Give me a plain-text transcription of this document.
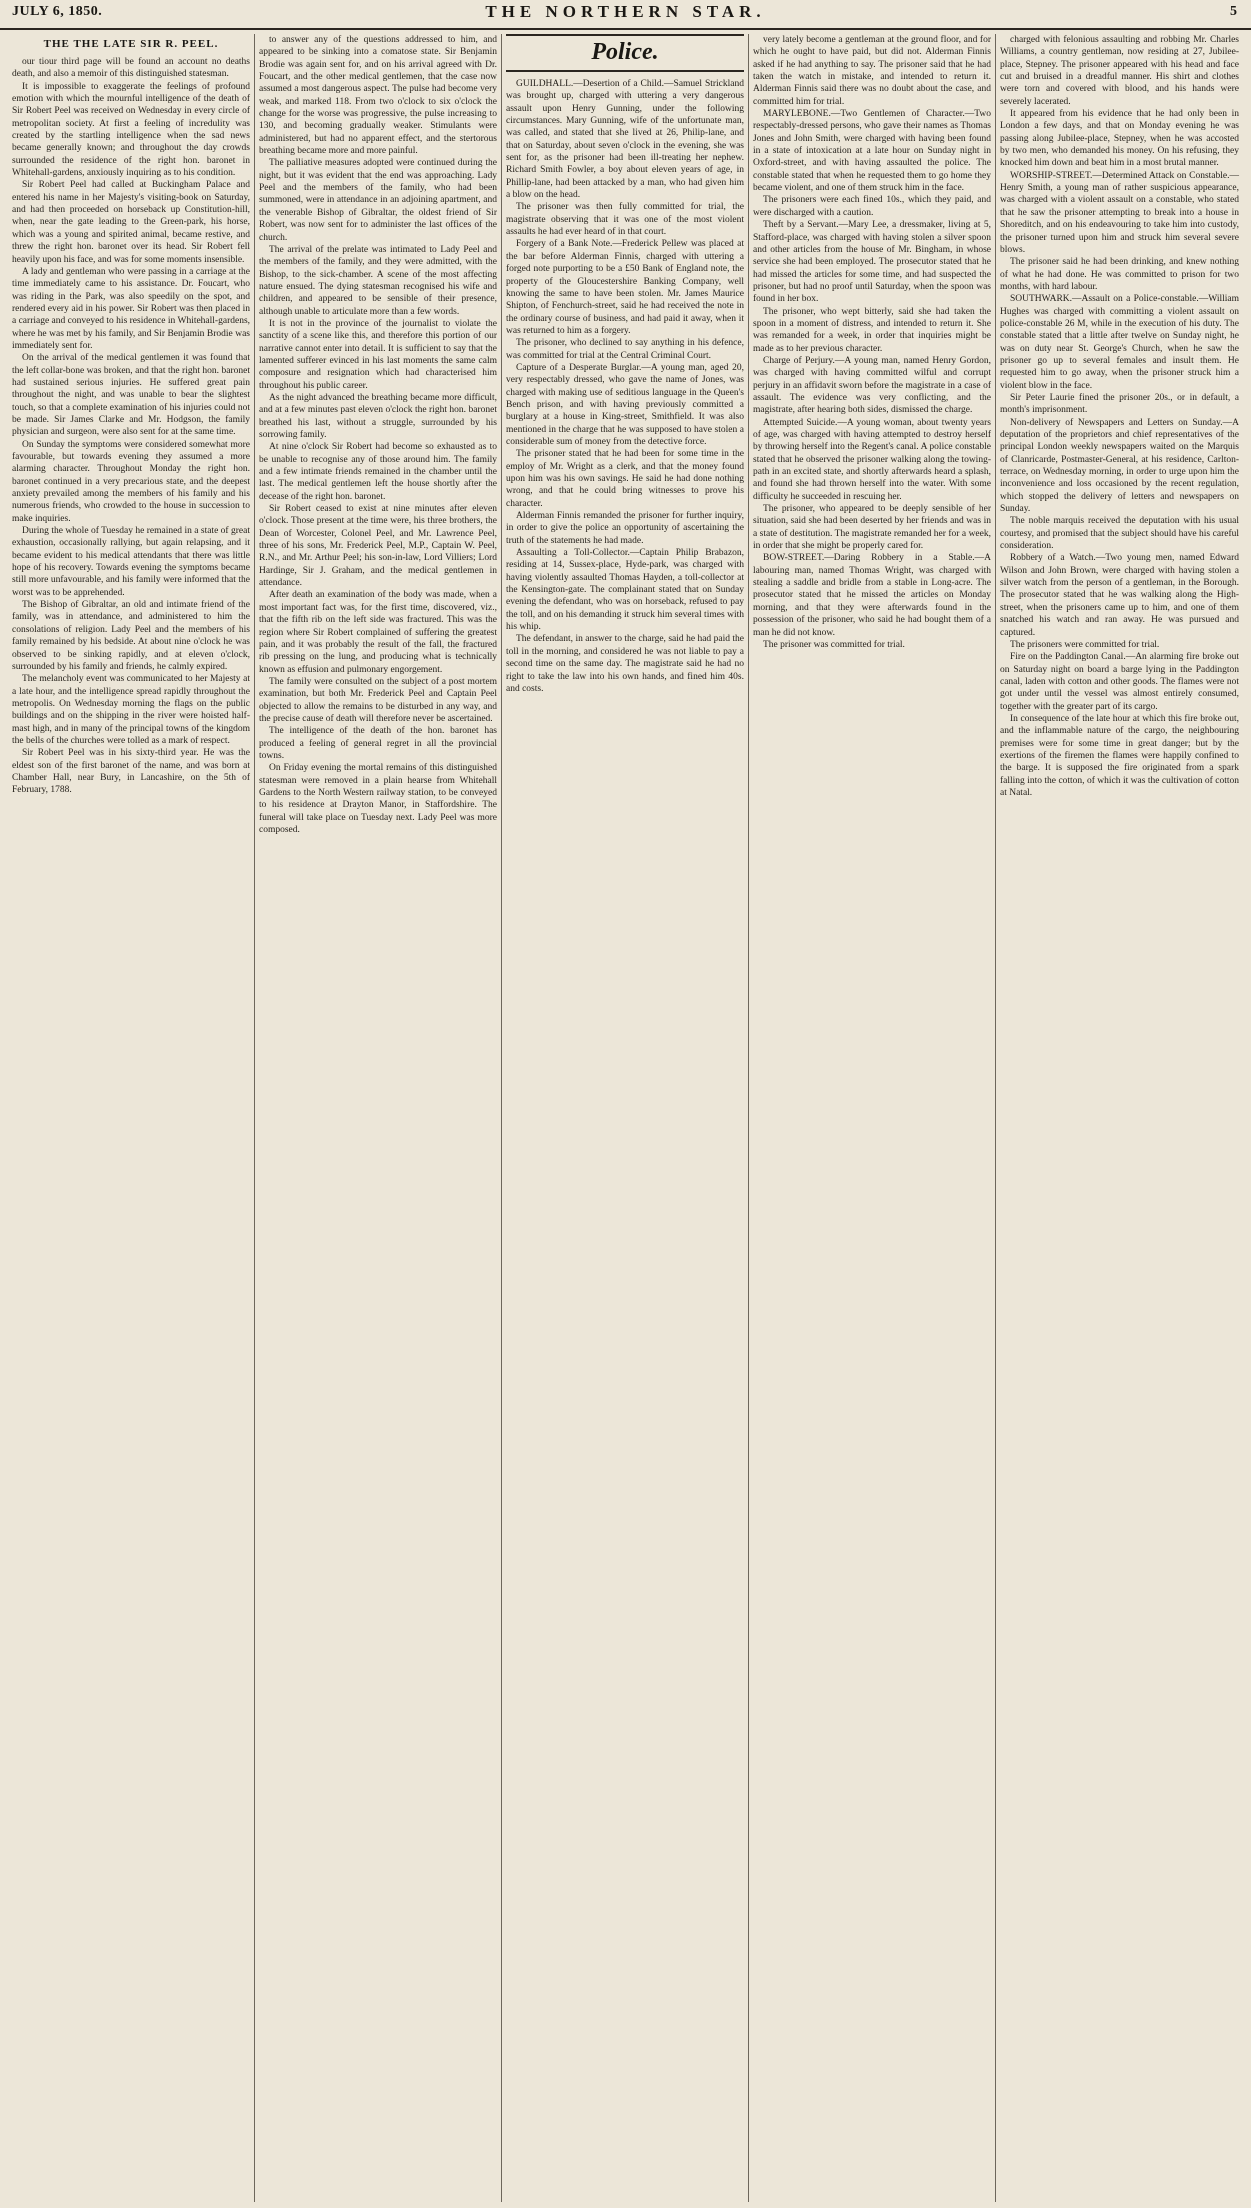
JULY 6, 1850.	THE NORTHERN STAR.	5
THE THE LATE SIR R. PEEL.

our tiour third page will be found an account no deaths death, and also a memoir of this distinguished statesman.

It is impossible to exaggerate the feelings of profound emotion with which the mournful intelligence of the death of Sir Robert Peel was received on Wednesday in every circle of metropolitan society. At first a feeling of incredulity was created by the startling intelligence when the sad news became generally known; and throughout the day crowds surrounded the residence of the right hon. baronet in Whitehall-gardens, anxiously inquiring as to his condition.

Sir Robert Peel had called at Buckingham Palace and entered his name in her Majesty's visiting-book on Saturday, and had then proceeded on horseback up Constitution-hill, when, near the gate leading to the Green-park, his horse, which was a young and spirited animal, became restive, and threw the right hon. baronet over its head. Sir Robert fell heavily upon his face, and was for some moments insensible.

A lady and gentleman who were passing in a carriage at the time immediately came to his assistance. Dr. Foucart, who was riding in the Park, was also speedily on the spot, and rendered every aid in his power. Sir Robert was then placed in a carriage and conveyed to his residence in Whitehall-gardens, where he was met by his family, and Sir Benjamin Brodie was immediately sent for.

On the arrival of the medical gentlemen it was found that the left collar-bone was broken, and that the right hon. baronet had sustained serious injuries. He suffered great pain throughout the night, and was unable to bear the slightest touch, so that a complete examination of his injuries could not be made. Sir James Clarke and Mr. Hodgson, the family physician and surgeon, were also sent for at the same time.

On Sunday the symptoms were considered somewhat more favourable, but towards evening they assumed a more alarming character. Throughout Monday the right hon. baronet continued in a very precarious state, and the deepest anxiety prevailed among the members of his family and his numerous friends, who crowded to the house in succession to make inquiries.

During the whole of Tuesday he remained in a state of great exhaustion, occasionally rallying, but again relapsing, and it became evident to his medical attendants that there was little hope of his recovery. Towards evening the symptoms became still more unfavourable, and his family were informed that the worst was to be apprehended.

The Bishop of Gibraltar, an old and intimate friend of the family, was in attendance, and administered to him the consolations of religion. Lady Peel and the members of his family remained by his bedside. At about nine o'clock he was observed to be sinking rapidly, and at eleven o'clock, surrounded by his family and friends, he calmly expired.

The melancholy event was communicated to her Majesty at a late hour, and the intelligence spread rapidly throughout the metropolis. On Wednesday morning the flags on the public buildings and on the shipping in the river were hoisted half-mast high, and in many of the principal towns of the kingdom the bells of the churches were tolled as a mark of respect.

Sir Robert Peel was in his sixty-third year. He was the eldest son of the first baronet of the name, and was born at Chamber Hall, near Bury, in Lancashire, on the 5th of February, 1788.

to answer any of the questions addressed to him, and appeared to be sinking into a comatose state. Sir Benjamin Brodie was again sent for, and on his arrival agreed with Dr. Foucart, and the other medical gentlemen, that the case now assumed a most dangerous aspect. The pulse had become very weak, and marked 118. From two o'clock to six o'clock the change for the worse was progressive, the pulse increasing to 130, and becoming gradually weaker. Stimulants were administered, but had no apparent effect, and the stertorous breathing became more and more painful.

The palliative measures adopted were continued during the night, but it was evident that the end was approaching. Lady Peel and the members of the family, who had been summoned, were in attendance in an adjoining apartment, and the venerable Bishop of Gibraltar, the oldest friend of Sir Robert, was now sent for to administer the last offices of the church.

The arrival of the prelate was intimated to Lady Peel and the members of the family, and they were admitted, with the Bishop, to the sick-chamber. A scene of the most affecting nature ensued. The dying statesman recognised his wife and children, and appeared to be sensible of their presence, although unable to articulate more than a few words.

It is not in the province of the journalist to violate the sanctity of a scene like this, and therefore this portion of our narrative cannot enter into detail. It is sufficient to say that the lamented sufferer evinced in his last moments the same calm composure and resignation which had characterised him throughout his public career.

As the night advanced the breathing became more difficult, and at a few minutes past eleven o'clock the right hon. baronet breathed his last, without a struggle, surrounded by his sorrowing family.

At nine o'clock Sir Robert had become so exhausted as to be unable to recognise any of those around him. The family and a few intimate friends remained in the chamber until the last. The medical gentlemen left the house shortly after the decease of the right hon. baronet.

Sir Robert ceased to exist at nine minutes after eleven o'clock. Those present at the time were, his three brothers, the Dean of Worcester, Colonel Peel, and Mr. Lawrence Peel, three of his sons, Mr. Frederick Peel, M.P., Captain W. Peel, R.N., and Mr. Arthur Peel; his son-in-law, Lord Villiers; Lord Hardinge, Sir J. Graham, and the medical gentlemen in attendance.

After death an examination of the body was made, when a most important fact was, for the first time, discovered, viz., that the fifth rib on the left side was fractured. This was the region where Sir Robert complained of suffering the greatest pain, and it was probably the result of the fall, the fractured rib pressing on the lung, and producing what is technically known as effusion and pulmonary engorgement.

The family were consulted on the subject of a post mortem examination, but both Mr. Frederick Peel and Captain Peel objected to allow the remains to be disturbed in any way, and the precise cause of death will therefore never be ascertained.

The intelligence of the death of the hon. baronet has produced a feeling of general regret in all the provincial towns.

On Friday evening the mortal remains of this distinguished statesman were removed in a plain hearse from Whitehall Gardens to the North Western railway station, to be conveyed to his residence at Drayton Manor, in Staffordshire. The funeral will take place on Tuesday next. Lady Peel was more composed.

Police.

GUILDHALL.—Desertion of a Child.—Samuel Strickland was brought up, charged with uttering a very dangerous assault upon Henry Gunning, under the following circumstances. Mary Gunning, wife of the unfortunate man, was called, and stated that she lived at 26, Philip-lane, and that on Saturday, about seven o'clock in the evening, she was sent for, as the prisoner had been ill-treating her nephew. Richard Smith Fowler, a boy about eleven years of age, in Phillip-lane, had been attacked by a man, who had given him a blow on the head.

The prisoner was then fully committed for trial, the magistrate observing that it was one of the most violent assaults he had ever heard of in that court.

Forgery of a Bank Note.—Frederick Pellew was placed at the bar before Alderman Finnis, charged with uttering a forged note purporting to be a £50 Bank of England note, the property of the Gloucestershire Banking Company, well knowing the same to have been stolen. Mr. James Maurice Shipton, of Fenchurch-street, said he had received the note in the ordinary course of business, and had paid it away, when it was returned to him as a forgery.

The prisoner, who declined to say anything in his defence, was committed for trial at the Central Criminal Court.

Capture of a Desperate Burglar.—A young man, aged 20, very respectably dressed, who gave the name of Jones, was charged with making use of seditious language in the Queen's Bench prison, and with having previously committed a burglary at a house in King-street, Smithfield. It was also mentioned in the charge that he was supposed to have stolen a considerable sum of money from the detective force.

The prisoner stated that he had been for some time in the employ of Mr. Wright as a clerk, and that the money found upon him was his own savings. He said he had done nothing wrong, and that he could bring witnesses to prove his character.

Alderman Finnis remanded the prisoner for further inquiry, in order to give the police an opportunity of ascertaining the truth of the statements he had made.

Assaulting a Toll-Collector.—Captain Philip Brabazon, residing at 14, Sussex-place, Hyde-park, was charged with having violently assaulted Thomas Hayden, a toll-collector at the Kensington-gate. The complainant stated that on Sunday evening the defendant, who was on horseback, refused to pay the toll, and on his demanding it struck him several times with his whip.

The defendant, in answer to the charge, said he had paid the toll in the morning, and considered he was not liable to pay a second time on the same day. The magistrate said he had no right to take the law into his own hands, and fined him 40s. and costs.

very lately become a gentleman at the ground floor, and for which he ought to have paid, but did not. Alderman Finnis asked if he had anything to say. The prisoner said that he had taken the watch in mistake, and intended to return it. Alderman Finnis said there was no doubt about the case, and committed him for trial.

MARYLEBONE.—Two Gentlemen of Character.—Two respectably-dressed persons, who gave their names as Thomas Jones and John Smith, were charged with having been found in a state of intoxication at a late hour on Sunday night in Oxford-street, and with having assaulted the police. The constable stated that when he requested them to go home they became violent, and one of them struck him in the face.

The prisoners were each fined 10s., which they paid, and were discharged with a caution.

Theft by a Servant.—Mary Lee, a dressmaker, living at 5, Stafford-place, was charged with having stolen a silver spoon and other articles from the house of Mr. Bingham, in whose service she had been employed. The prosecutor stated that he had missed the articles for some time, and had suspected the prisoner, but had no proof until Saturday, when the spoon was found in her box.

The prisoner, who wept bitterly, said she had taken the spoon in a moment of distress, and intended to return it. She was remanded for a week, in order that inquiries might be made as to her previous character.

Charge of Perjury.—A young man, named Henry Gordon, was charged with having committed wilful and corrupt perjury in an affidavit sworn before the magistrate in a case of assault. The evidence was very conflicting, and the magistrate, after hearing both sides, dismissed the charge.

Attempted Suicide.—A young woman, about twenty years of age, was charged with having attempted to destroy herself by throwing herself into the Regent's canal. A police constable stated that he observed the prisoner walking along the towing-path in an excited state, and shortly afterwards heard a splash, and found she had thrown herself into the water. With some difficulty he succeeded in rescuing her.

The prisoner, who appeared to be deeply sensible of her situation, said she had been deserted by her friends and was in a state of destitution. The magistrate remanded her for a week, in order that she might be properly cared for.

BOW-STREET.—Daring Robbery in a Stable.—A labouring man, named Thomas Wright, was charged with stealing a saddle and bridle from a stable in Long-acre. The prosecutor stated that he missed the articles on Monday morning, and that they were afterwards found in the possession of the prisoner, who said he had bought them of a man he did not know.

The prisoner was committed for trial.

charged with felonious assaulting and robbing Mr. Charles Williams, a country gentleman, now residing at 27, Jubilee-place, Stepney. The prisoner appeared with his head and face cut and bruised in a dreadful manner. His shirt and clothes were torn and covered with blood, and his hands were severely lacerated.

It appeared from his evidence that he had only been in London a few days, and that on Monday evening he was passing along Jubilee-place, Stepney, when he was accosted by two men, who demanded his money. On his refusing, they knocked him down and beat him in a most brutal manner.

WORSHIP-STREET.—Determined Attack on Constable.—Henry Smith, a young man of rather suspicious appearance, was charged with a violent assault on a constable, who stated that he saw the prisoner attempting to break into a house in Shoreditch, and on his endeavouring to take him into custody, the prisoner turned upon him and struck him several severe blows.

The prisoner said he had been drinking, and knew nothing of what he had done. He was committed to prison for two months, with hard labour.

SOUTHWARK.—Assault on a Police-constable.—William Hughes was charged with committing a violent assault on police-constable 26 M, while in the execution of his duty. The constable stated that a little after twelve on Sunday night, he was on duty near St. George's Church, when he saw the prisoner go up to several females and insult them. He requested him to go away, when the prisoner struck him a violent blow in the face.

Sir Peter Laurie fined the prisoner 20s., or in default, a month's imprisonment.

Non-delivery of Newspapers and Letters on Sunday.—A deputation of the proprietors and chief representatives of the principal London weekly newspapers waited on the Marquis of Clanricarde, Postmaster-General, at his residence, Carlton-terrace, on Wednesday morning, in order to urge upon him the inconvenience and loss occasioned by the recent regulation, which stopped the delivery of letters and newspapers on Sunday.

The noble marquis received the deputation with his usual courtesy, and promised that the subject should have his careful consideration.

Robbery of a Watch.—Two young men, named Edward Wilson and John Brown, were charged with having stolen a silver watch from the person of a gentleman, in the Borough. The prosecutor stated that he was walking along the High-street, when the prisoners came up to him, and one of them snatched his watch and ran away. He was pursued and captured.

The prisoners were committed for trial.

Fire on the Paddington Canal.—An alarming fire broke out on Saturday night on board a barge lying in the Paddington canal, laden with cotton and other goods. The flames were not got under until the vessel was almost entirely consumed, together with the greater part of its cargo.

In consequence of the late hour at which this fire broke out, and the inflammable nature of the cargo, the neighbouring premises were for some time in great danger; but by the exertions of the firemen the flames were happily confined to the barge. It is supposed the fire originated from a spark falling into the cotton, of which it was the cultivation of cotton at Natal.
